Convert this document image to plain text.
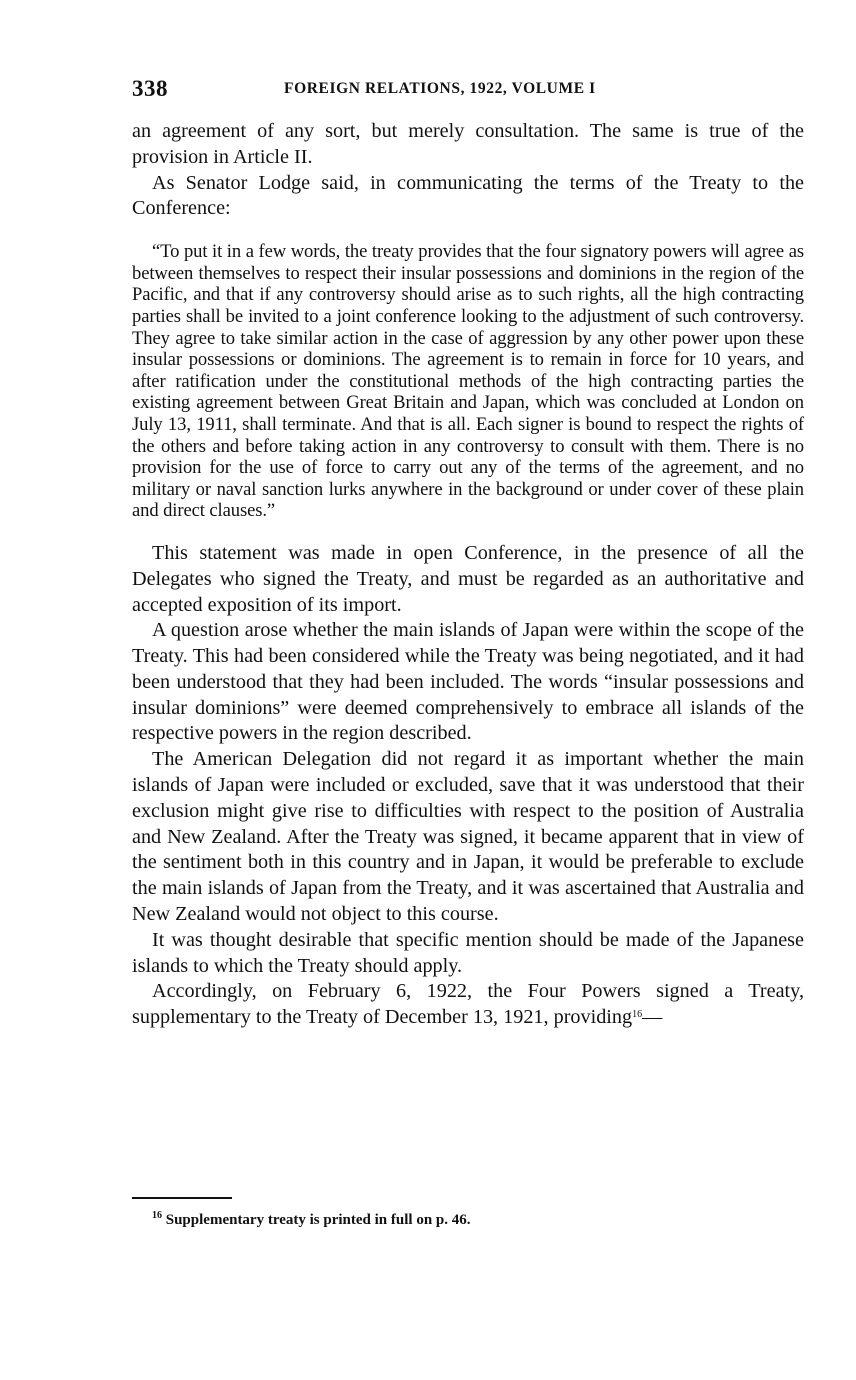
338	FOREIGN RELATIONS, 1922, VOLUME I

an agreement of any sort, but merely consultation. The same is true of the provision in Article II.

As Senator Lodge said, in communicating the terms of the Treaty to the Conference:

“To put it in a few words, the treaty provides that the four signatory powers will agree as between themselves to respect their insular possessions and dominions in the region of the Pacific, and that if any controversy should arise as to such rights, all the high contracting parties shall be invited to a joint conference looking to the adjustment of such controversy. They agree to take similar action in the case of aggression by any other power upon these insular possessions or dominions. The agreement is to remain in force for 10 years, and after ratification under the constitutional methods of the high contracting parties the existing agreement between Great Britain and Japan, which was concluded at London on July 13, 1911, shall terminate. And that is all. Each signer is bound to respect the rights of the others and before taking action in any controversy to consult with them. There is no provision for the use of force to carry out any of the terms of the agreement, and no military or naval sanction lurks anywhere in the background or under cover of these plain and direct clauses.”

This statement was made in open Conference, in the presence of all the Delegates who signed the Treaty, and must be regarded as an authoritative and accepted exposition of its import.

A question arose whether the main islands of Japan were within the scope of the Treaty. This had been considered while the Treaty was being negotiated, and it had been understood that they had been included. The words “insular possessions and insular dominions” were deemed comprehensively to embrace all islands of the respective powers in the region described.

The American Delegation did not regard it as important whether the main islands of Japan were included or excluded, save that it was understood that their exclusion might give rise to difficulties with respect to the position of Australia and New Zealand. After the Treaty was signed, it became apparent that in view of the sentiment both in this country and in Japan, it would be preferable to exclude the main islands of Japan from the Treaty, and it was ascertained that Australia and New Zealand would not object to this course.

It was thought desirable that specific mention should be made of the Japanese islands to which the Treaty should apply.

Accordingly, on February 6, 1922, the Four Powers signed a Treaty, supplementary to the Treaty of December 13, 1921, providing$^{16}$—

$^{16}$ Supplementary treaty is printed in full on p. 46.
